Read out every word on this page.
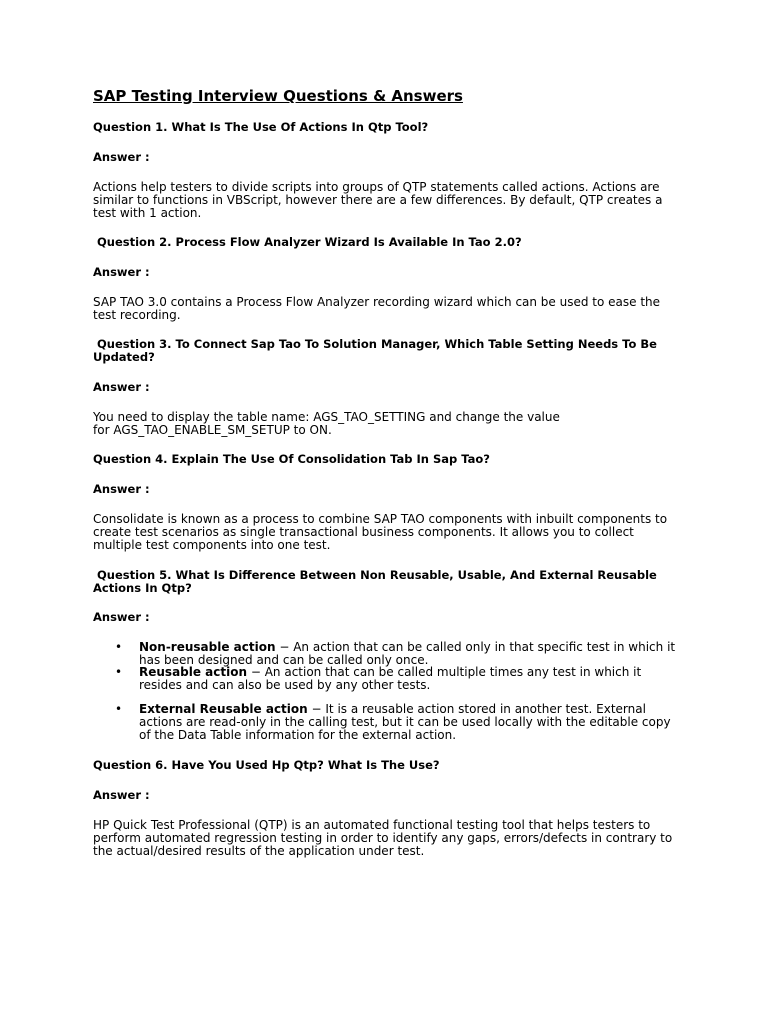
SAP Testing Interview Questions & Answers

Question 1. What Is The Use Of Actions In Qtp Tool?

Answer :

Actions help testers to divide scripts into groups of QTP statements called actions. Actions are similar to functions in VBScript, however there are a few differences. By default, QTP creates a test with 1 action.

Question 2. Process Flow Analyzer Wizard Is Available In Tao 2.0?

Answer :

SAP TAO 3.0 contains a Process Flow Analyzer recording wizard which can be used to ease the test recording.

Question 3. To Connect Sap Tao To Solution Manager, Which Table Setting Needs To Be Updated?

Answer :

You need to display the table name: AGS_TAO_SETTING and change the value for AGS_TAO_ENABLE_SM_SETUP to ON.

Question 4. Explain The Use Of Consolidation Tab In Sap Tao?

Answer :

Consolidate is known as a process to combine SAP TAO components with inbuilt components to create test scenarios as single transactional business components. It allows you to collect multiple test components into one test.

Question 5. What Is Difference Between Non Reusable, Usable, And External Reusable Actions In Qtp?

Answer :

• Non-reusable action − An action that can be called only in that specific test in which it has been designed and can be called only once.
• Reusable action − An action that can be called multiple times any test in which it resides and can also be used by any other tests.
• External Reusable action − It is a reusable action stored in another test. External actions are read-only in the calling test, but it can be used locally with the editable copy of the Data Table information for the external action.

Question 6. Have You Used Hp Qtp? What Is The Use?

Answer :

HP Quick Test Professional (QTP) is an automated functional testing tool that helps testers to perform automated regression testing in order to identify any gaps, errors/defects in contrary to the actual/desired results of the application under test.
